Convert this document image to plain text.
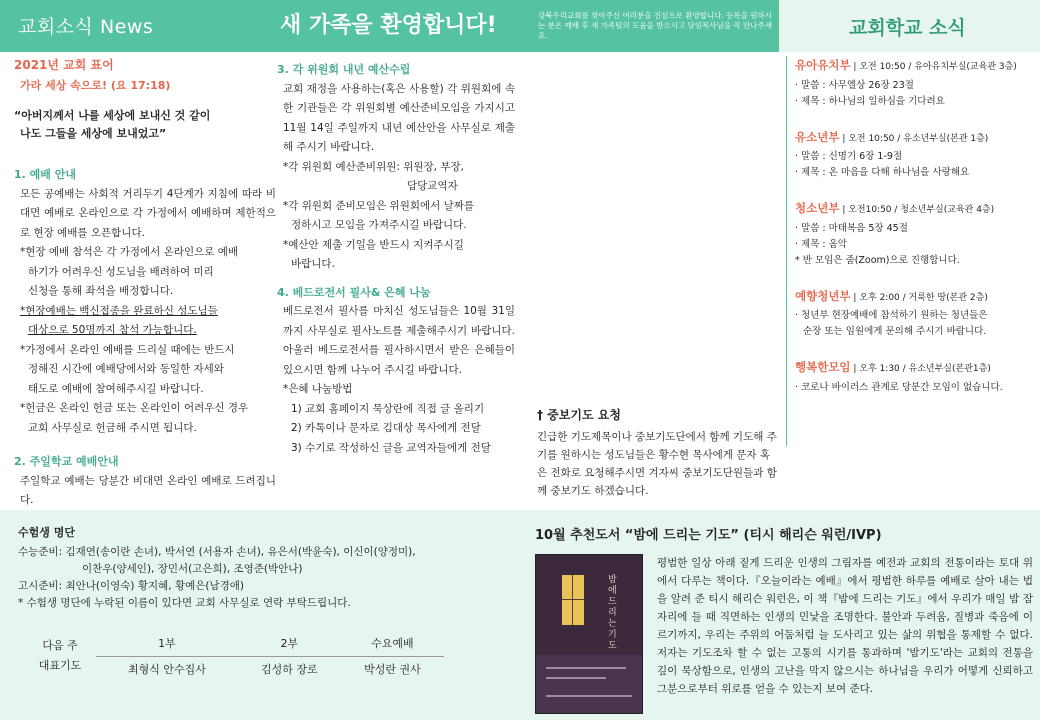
교회소식 News	새 가족을 환영합니다!	강북우리교회를 찾아주신 여러분을 진심으로 환영합니다. 등록을 원하시는 분은 예배 후 새 가족팀의 도움을 받으시고 담임목사님을 꼭 만나주세요.	교회학교 소식
2021년 교회 표어
가라 세상 속으로! (요 17:18)
“아버지께서 나를 세상에 보내신 것 같이
나도 그들을 세상에 보내었고”
1. 예배 안내
모든 공예배는 사회적 거리두기 4단계가 지침에 따라 비대면 예배로 온라인으로 각 가정에서 예배하며 제한적으로 현장 예배를 오픈합니다.
*현장 예배 참석은 각 가정에서 온라인으로 예배
하기가 어려우신 성도님을 배려하여 미리
신청을 통해 좌석을 배정합니다.
*현장예배는 백신접종을 완료하신 성도님들
대상으로 50명까지 참석 가능합니다.
*가정에서 온라인 예배를 드리실 때에는 반드시
정해진 시간에 예배당에서와 동일한 자세와
태도로 예배에 참여해주시길 바랍니다.
*헌금은 온라인 헌금 또는 온라인이 어려우신 경우
교회 사무실로 헌금해 주시면 됩니다.
2. 주일학교 예배안내
주일학교 예배는 당분간 비대면 온라인 예배로 드려집니다.
3. 각 위원회 내년 예산수립
교회 재정을 사용하는(혹은 사용할) 각 위원회에 속한 기관들은 각 위원회별 예산준비모임을 가지시고 11월 14일 주일까지 내년 예산안을 사무실로 제출해 주시기 바랍니다.
*각 위원회 예산준비위원: 위원장, 부장,
담당교역자
*각 위원회 준비모임은 위원회에서 날짜를
정하시고 모임을 가져주시길 바랍니다.
*예산안 제출 기일을 반드시 지켜주시길
바랍니다.
4. 베드로전서 필사& 은혜 나눔
베드로전서 필사를 마치신 성도님들은 10월 31일까지 사무실로 필사노트를 제출해주시기 바랍니다. 아울러 베드로전서를 필사하시면서 받은 은혜들이 있으시면 함께 나누어 주시길 바랍니다.
*은혜 나눔방법
1) 교회 홈페이지 묵상란에 직접 글 올리기
2) 카톡이나 문자로 김대상 목사에게 전달
3) 수기로 작성하신 글을 교역자들에게 전달
† 중보기도 요청
긴급한 기도제목이나 중보기도단에서 함께 기도해 주기를 원하시는 성도님들은 황수현 목사에게 문자 혹은 전화로 요청해주시면 겨자씨 중보기도단원들과 함께 중보기도 하겠습니다.
유아유치부 | 오전 10:50 / 유아유치부실(교육관 3층)
· 말씀 : 사무엘상 26장 23절
· 제목 : 하나님의 일하심을 기다려요
유소년부 | 오전 10:50 / 유소년부실(본관 1층)
· 말씀 : 신명기 6장 1-9절
· 제목 : 온 마음을 다해 하나님을 사랑해요
청소년부 | 오전10:50 / 청소년부실(교육관 4층)
· 말씀 : 마태복음 5장 45절
· 제목 : 옴악
* 반 모임은 줌(Zoom)으로 진행합니다.
예향청년부 | 오후 2:00 / 거룩한 땅(본관 2층)
· 청년부 현장예배에 참석하기 원하는 청년들은
순장 또는 임원에게 문의해 주시기 바랍니다.
행복한모임 | 오후 1:30 / 유소년부실(본관1층)
· 코로나 바이러스 관계로 당분간 모임이 없습니다.
수험생 명단
수능준비: 김재연(송이란 손녀), 박서연 (서용자 손녀), 유은서(박윤숙), 이신이(양정미),
이찬우(양세인), 장민서(고은희), 조영준(박안나)
고시준비: 최안나(이영숙) 황지혜, 황예은(남경애)
* 수험생 명단에 누락된 이름이 있다면 교회 사무실로 연락 부탁드립니다.
다음 주
대표기도	1부	2부	수요예배
	최형식 안수집사	김성하 장로	박성란 권사
10월 추천도서 “밤에 드리는 기도” (티시 해리슨 워런/IVP)
밤에 드리는 기도
평범한 일상 아래 짙게 드리운 인생의 그림자를 예전과 교회의 전통이라는 토대 위에서 다루는 책이다.『오늘이라는 예배』에서 평범한 하루를 예배로 살아 내는 법을 알려 준 티시 해리슨 워런은, 이 책『밤에 드리는 기도』에서 우리가 매일 밤 잠자리에 들 때 직면하는 인생의 민낯을 조명한다. 불안과 두려움, 질병과 죽음에 이르기까지, 우리는 주위의 어둠처럼 늘 도사리고 있는 삶의 위협을 통제할 수 없다. 저자는 기도조차 할 수 없는 고통의 시기를 통과하며 '밤기도'라는 교회의 전통을 깊이 묵상함으로, 인생의 고난을 막지 않으시는 하나님을 우리가 어떻게 신뢰하고 그분으로부터 위로를 얻을 수 있는지 보여 준다.
